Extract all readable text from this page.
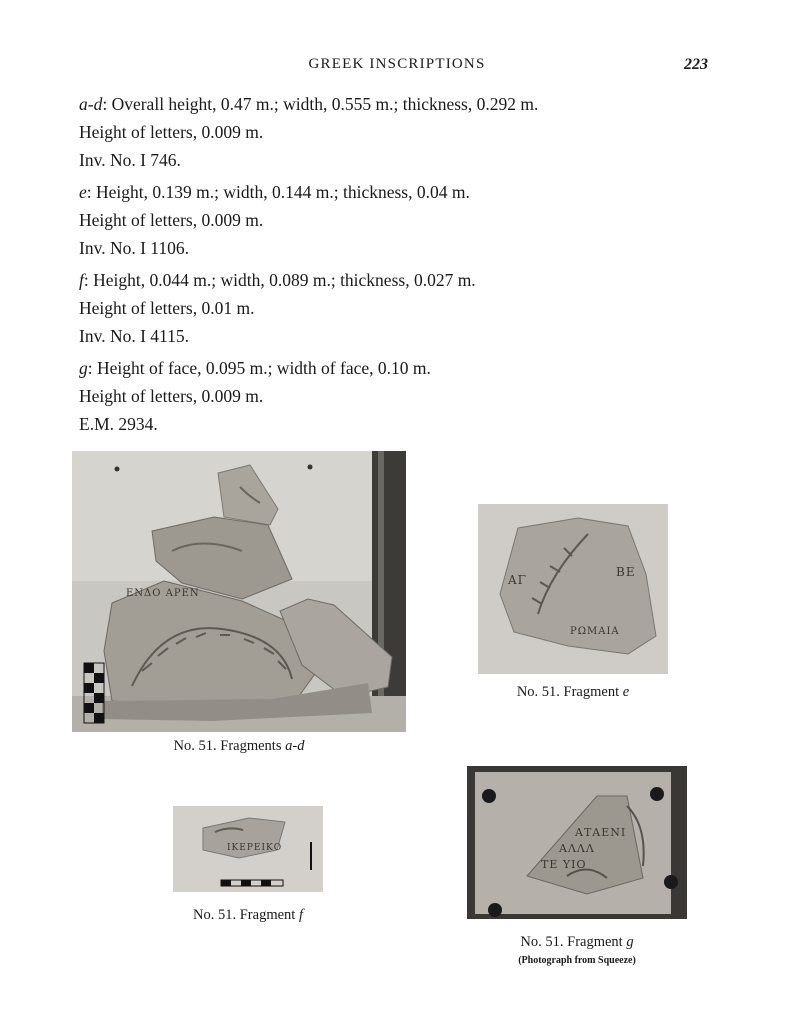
GREEK INSCRIPTIONS	223
a-d: Overall height, 0.47 m.; width, 0.555 m.; thickness, 0.292 m.
Height of letters, 0.009 m.
Inv. No. I 746.
e: Height, 0.139 m.; width, 0.144 m.; thickness, 0.04 m.
Height of letters, 0.009 m.
Inv. No. I 1106.
f: Height, 0.044 m.; width, 0.089 m.; thickness, 0.027 m.
Height of letters, 0.01 m.
Inv. No. I 4115.
g: Height of face, 0.095 m.; width of face, 0.10 m.
Height of letters, 0.009 m.
E.M. 2934.
ΕΝΔΟ ΑΡΕΝ
No. 51. Fragments a-d
ΑΓ
ΒΕ
ΡΩΜΑΙΑ
No. 51. Fragment e
ΙΚΕΡΕΙΚΟ
No. 51. Fragment f
ΑΤΑΕΝΙ
ΑΛΛΛ
ΤΕ ΥΙΟ
No. 51. Fragment g
(Photograph from Squeeze)
